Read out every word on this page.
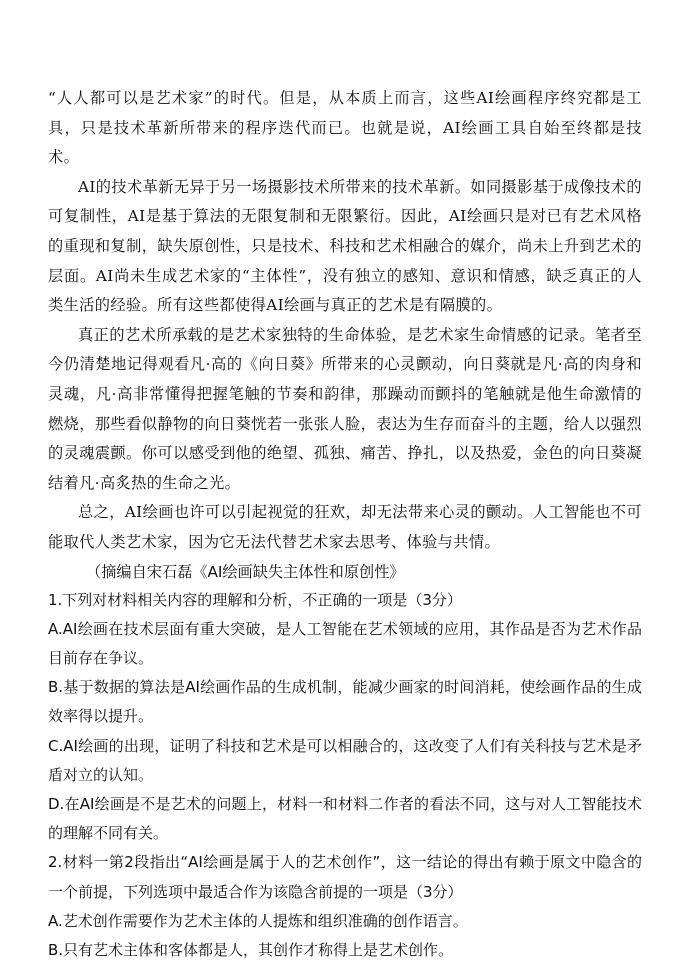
“人人都可以是艺术家”的时代。但是，从本质上而言，这些AI绘画程序终究都是工具，只是技术革新所带来的程序迭代而已。也就是说，AI绘画工具自始至终都是技术。

AI的技术革新无异于另一场摄影技术所带来的技术革新。如同摄影基于成像技术的可复制性，AI是基于算法的无限复制和无限繁衍。因此，AI绘画只是对已有艺术风格的重现和复制，缺失原创性，只是技术、科技和艺术相融合的媒介，尚未上升到艺术的层面。AI尚未生成艺术家的“主体性”，没有独立的感知、意识和情感，缺乏真正的人类生活的经验。所有这些都使得AI绘画与真正的艺术是有隔膜的。

真正的艺术所承载的是艺术家独特的生命体验，是艺术家生命情感的记录。笔者至今仍清楚地记得观看凡·高的《向日葵》所带来的心灵颤动，向日葵就是凡·高的肉身和灵魂，凡·高非常懂得把握笔触的节奏和韵律，那躁动而颤抖的笔触就是他生命激情的燃烧，那些看似静物的向日葵恍若一张张人脸，表达为生存而奋斗的主题，给人以强烈的灵魂震颤。你可以感受到他的绝望、孤独、痛苦、挣扎，以及热爱，金色的向日葵凝结着凡·高炙热的生命之光。

总之，AI绘画也许可以引起视觉的狂欢，却无法带来心灵的颤动。人工智能也不可能取代人类艺术家，因为它无法代替艺术家去思考、体验与共情。

（摘编自宋石磊《AI绘画缺失主体性和原创性》

1.下列对材料相关内容的理解和分析，不正确的一项是（3分）

A.AI绘画在技术层面有重大突破，是人工智能在艺术领域的应用，其作品是否为艺术作品目前存在争议。

B.基于数据的算法是AI绘画作品的生成机制，能减少画家的时间消耗，使绘画作品的生成效率得以提升。

C.AI绘画的出现，证明了科技和艺术是可以相融合的，这改变了人们有关科技与艺术是矛盾对立的认知。

D.在AI绘画是不是艺术的问题上，材料一和材料二作者的看法不同，这与对人工智能技术的理解不同有关。

2.材料一第2段指出“AI绘画是属于人的艺术创作”，这一结论的得出有赖于原文中隐含的一个前提，下列选项中最适合作为该隐含前提的一项是（3分）

A.艺术创作需要作为艺术主体的人提炼和组织准确的创作语言。

B.只有艺术主体和客体都是人，其创作才称得上是艺术创作。
